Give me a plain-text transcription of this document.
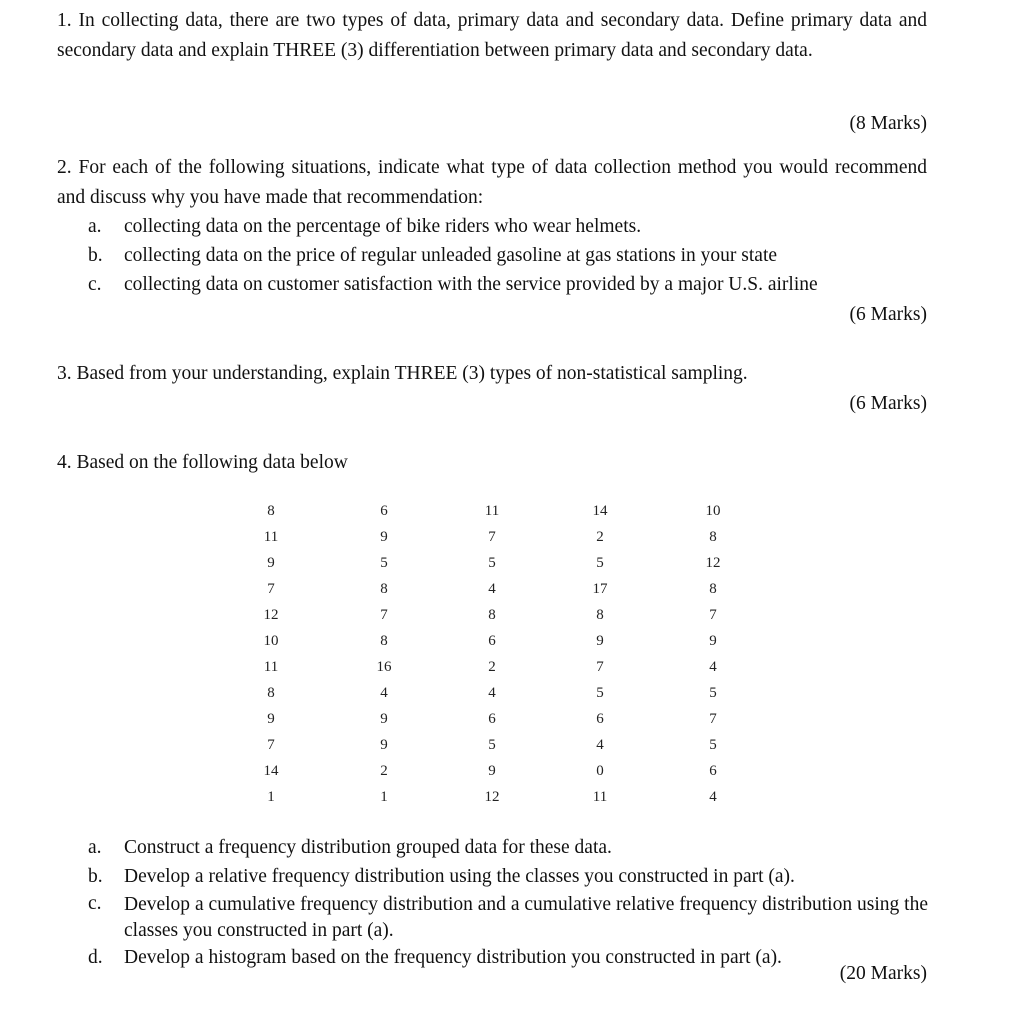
1. In collecting data, there are two types of data, primary data and secondary data. Define primary data and secondary data and explain THREE (3) differentiation between primary data and secondary data.

(8 Marks)

2. For each of the following situations, indicate what type of data collection method you would recommend and discuss why you have made that recommendation:

a. collecting data on the percentage of bike riders who wear helmets.
b. collecting data on the price of regular unleaded gasoline at gas stations in your state
c. collecting data on customer satisfaction with the service provided by a major U.S. airline

(6 Marks)

3. Based from your understanding, explain THREE (3) types of non-statistical sampling.

(6 Marks)

4. Based on the following data below

8
11
9
7
12
10
11
8
9
7
14
1
6
9
5
8
7
8
16
4
9
9
2
1
11
7
5
4
8
6
2
4
6
5
9
12
14
2
5
17
8
9
7
5
6
4
0
11
10
8
12
8
7
9
4
5
7
5
6
4
a. Construct a frequency distribution grouped data for these data.
b. Develop a relative frequency distribution using the classes you constructed in part (a).
c. Develop a cumulative frequency distribution and a cumulative relative frequency distribution using the classes you constructed in part (a).
d. Develop a histogram based on the frequency distribution you constructed in part (a).

(20 Marks)
